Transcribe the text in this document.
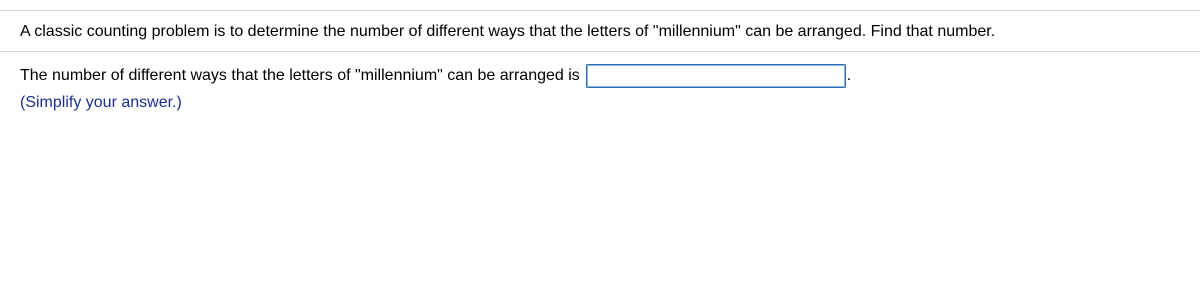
A classic counting problem is to determine the number of different ways that the letters of "millennium" can be arranged. Find that number.
The number of different ways that the letters of "millennium" can be arranged is	.
(Simplify your answer.)
